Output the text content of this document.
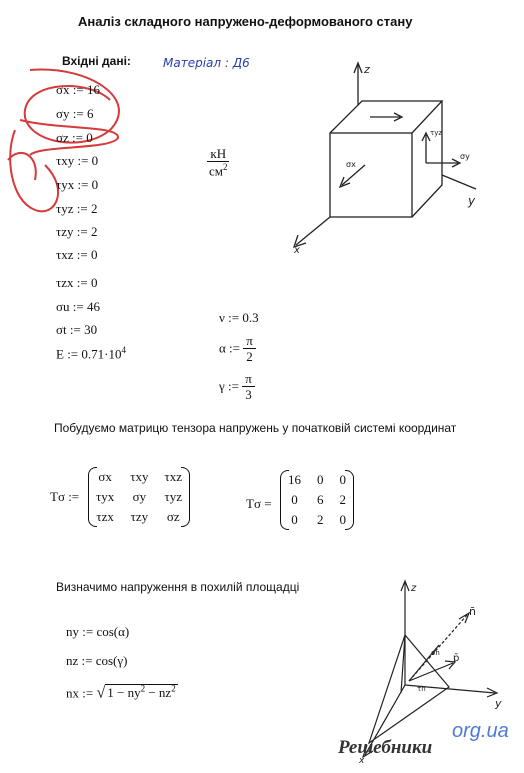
Аналіз складного напружено-деформованого стану
Вхідні дані:	Матеріал : Д6
σx := 16
σy := 6
σz := 0
τxy := 0
τyx := 0
τyz := 2
τzy := 2
τxz := 0
τzx := 0
σu := 46
σt := 30
E := $0.71\cdot 10^4$
$\frac{кН}{см^2}$
ν := 0.3
α := $\frac{\pi}{2}$
γ := $\frac{\pi}{3}$
z
y
x
σx
σy
τyz
Побудуємо матрицю тензора напружень у початковій системі координат
Tσ :=
σx	τxy	τxz
τyx	σy	τyz
τzx	τzy	σz
Tσ =
16	0	0
0	6	2
0	2	0
Визначимо напруження в похилій площадці
ny := cos(α)
nz := cos(γ)
nx := √ $1 - ny^2 - nz^2$
z
y
x
n̄
p̄
σn
τn
org.ua
Решебники
